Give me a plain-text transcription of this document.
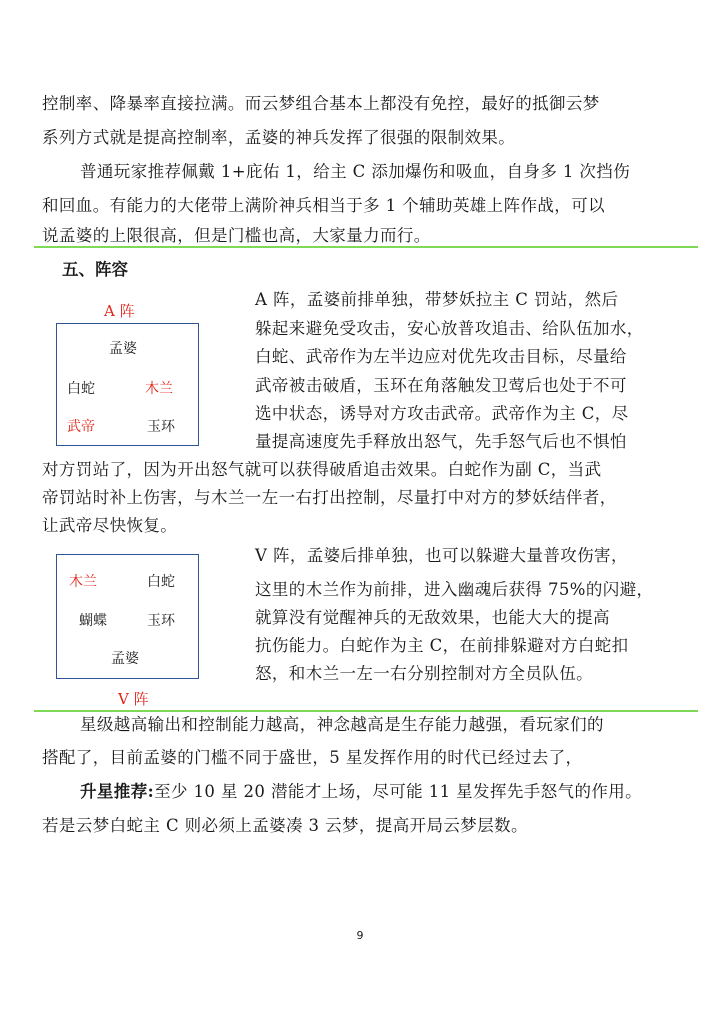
控制率、降暴率直接拉满。而云梦组合基本上都没有免控，最好的抵御云梦
系列方式就是提高控制率，孟婆的神兵发挥了很强的限制效果。
普通玩家推荐佩戴 1+庇佑 1，给主 C 添加爆伤和吸血，自身多 1 次挡伤
和回血。有能力的大佬带上满阶神兵相当于多 1 个辅助英雄上阵作战，可以
说孟婆的上限很高，但是门槛也高，大家量力而行。
五、阵容
A 阵
孟婆
白蛇	木兰
武帝	玉环
A 阵，孟婆前排单独，带梦妖拉主 C 罚站，然后
躲起来避免受攻击，安心放普攻追击、给队伍加水，
白蛇、武帝作为左半边应对优先攻击目标，尽量给
武帝被击破盾，玉环在角落触发卫莺后也处于不可
选中状态，诱导对方攻击武帝。武帝作为主 C，尽
量提高速度先手释放出怒气，先手怒气后也不惧怕
对方罚站了，因为开出怒气就可以获得破盾追击效果。白蛇作为副 C，当武
帝罚站时补上伤害，与木兰一左一右打出控制，尽量打中对方的梦妖结伴者，
让武帝尽快恢复。
木兰	白蛇
蝴蝶	玉环
孟婆
V 阵
V 阵，孟婆后排单独，也可以躲避大量普攻伤害，
这里的木兰作为前排，进入幽魂后获得 75%的闪避，
就算没有觉醒神兵的无敌效果，也能大大的提高
抗伤能力。白蛇作为主 C，在前排躲避对方白蛇扣
怒，和木兰一左一右分别控制对方全员队伍。
星级越高输出和控制能力越高，神念越高是生存能力越强，看玩家们的
搭配了，目前孟婆的门槛不同于盛世，5 星发挥作用的时代已经过去了，
升星推荐:至少 10 星 20 潜能才上场，尽可能 11 星发挥先手怒气的作用。
若是云梦白蛇主 C 则必须上孟婆凑 3 云梦，提高开局云梦层数。
9
